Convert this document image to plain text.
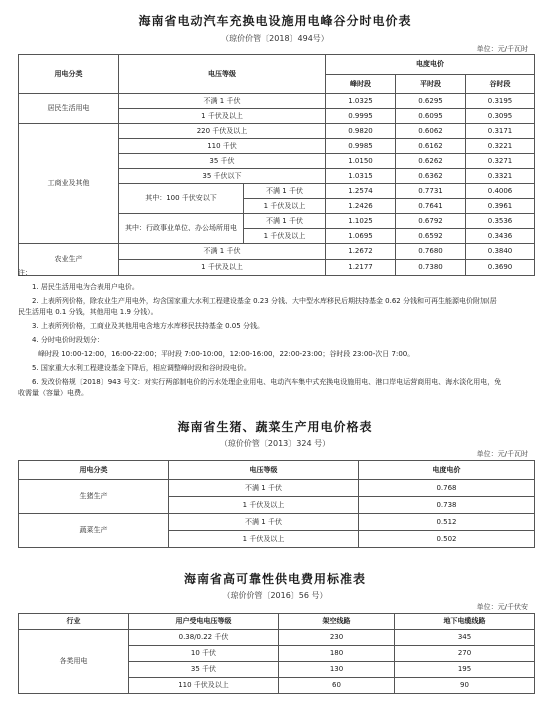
海南省电动汽车充换电设施用电峰谷分时电价表
（琼价价管〔2018〕494号）
单位：元/千瓦时
用电分类	电压等级		电度电价		
			峰时段	平时段	谷时段
居民生活用电	不满 1 千伏		1.0325	0.6295	0.3195
	1 千伏及以上		0.9995	0.6095	0.3095
工商业及其他	220 千伏及以上		0.9820	0.6062	0.3171
	110 千伏		0.9985	0.6162	0.3221
	35 千伏		1.0150	0.6262	0.3271
	35 千伏以下		1.0315	0.6362	0.3321
	其中：100 千伏安以下	不满 1 千伏	1.2574	0.7731	0.4006
		1 千伏及以上	1.2426	0.7641	0.3961
	其中：行政事业单位、办公场所用电	不满 1 千伏	1.1025	0.6792	0.3536
		1 千伏及以上	1.0695	0.6592	0.3436
农业生产	不满 1 千伏		1.2672	0.7680	0.3840
	1 千伏及以上		1.2177	0.7380	0.3690
注：
1. 居民生活用电为合表用户电价。
2. 上表所列价格，除农业生产用电外，均含国家重大水利工程建设基金 0.23 分钱、大中型水库移民后期扶持基金 0.62 分钱和可再生能源电价附加(居
民生活用电 0.1 分钱，其他用电 1.9 分钱）。
3. 上表所列价格，工商业及其他用电含地方水库移民扶持基金 0.05 分钱。
4. 分时电价时段划分：
峰时段 10:00-12:00，16:00-22:00；平时段 7:00-10:00，12:00-16:00，22:00-23:00；谷时段 23:00-次日 7:00。
5. 国家重大水利工程建设基金下降后，相应调整峰时段和谷时段电价。
6. 发改价格规〔2018〕943 号文：对实行两部制电价的污水处理企业用电、电动汽车集中式充换电设施用电、港口岸电运营商用电、海水淡化用电，免
收需量（容量）电费。
海南省生猪、蔬菜生产用电价格表
（琼价价管〔2013〕324 号）
单位：元/千瓦时
用电分类	电压等级	电度电价
生猪生产	不满 1 千伏	0.768
	1 千伏及以上	0.738
蔬菜生产	不满 1 千伏	0.512
	1 千伏及以上	0.502
海南省高可靠性供电费用标准表
（琼价价管〔2016〕56 号）
单位：元/千伏安
行业	用户受电电压等级	架空线路	地下电缆线路
各类用电	0.38/0.22 千伏	230	345
	10 千伏	180	270
	35 千伏	130	195
	110 千伏及以上	60	90
